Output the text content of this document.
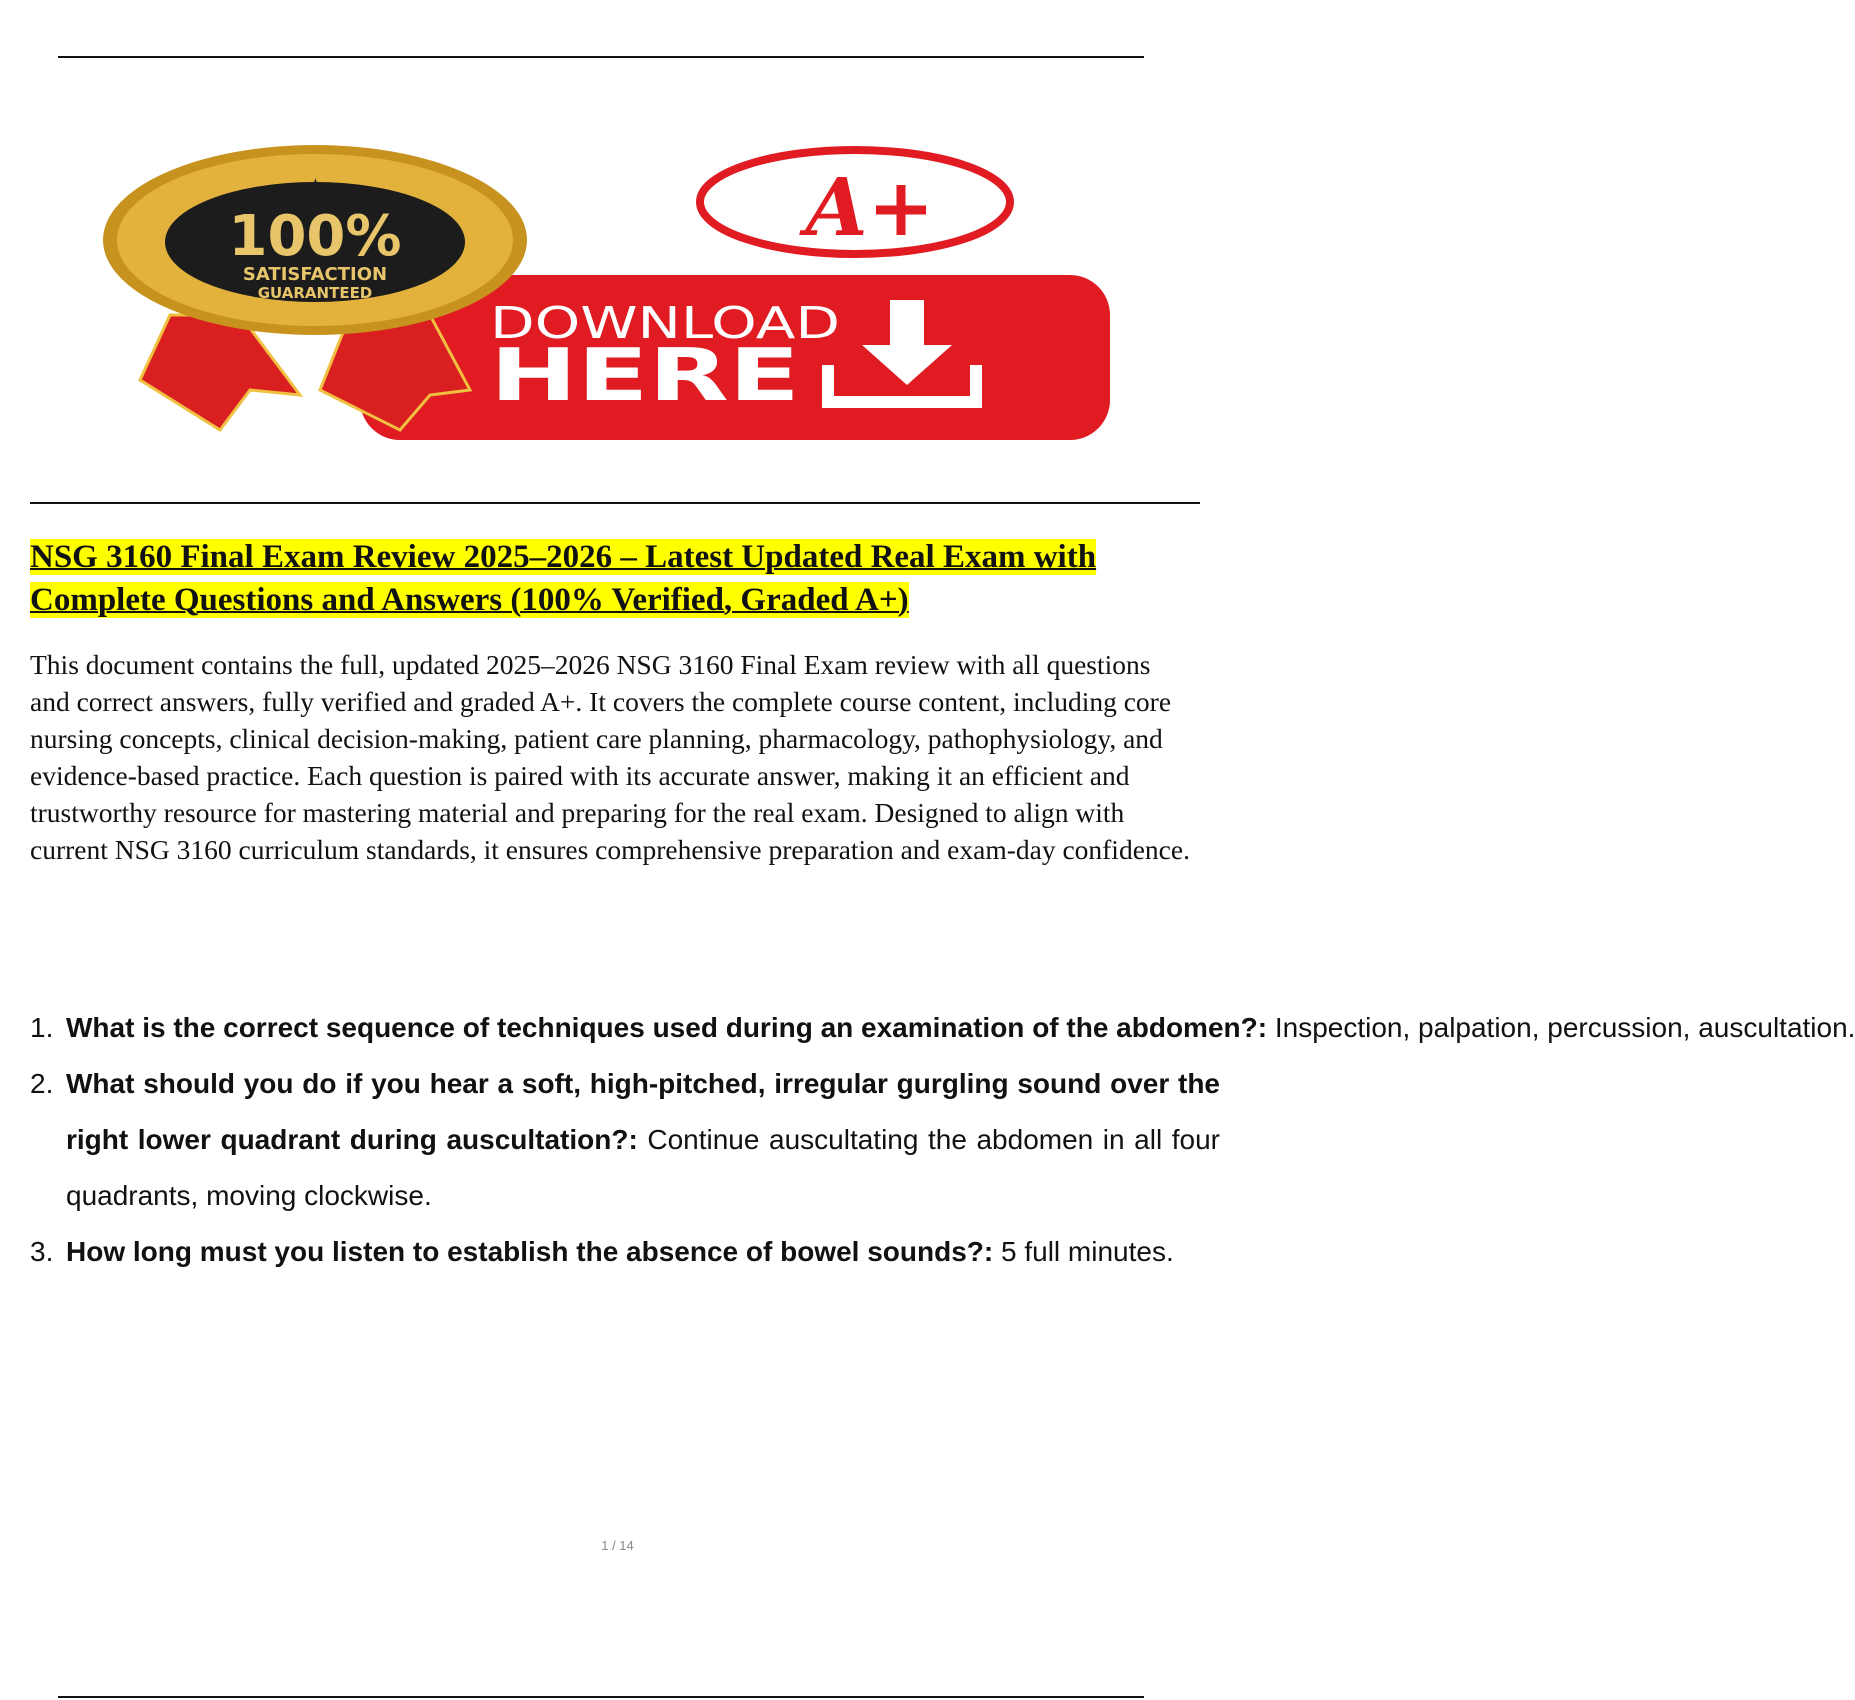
★ ★ ★
100%
SATISFACTION
GUARANTEED
A+
DOWNLOAD
HERE
NSG 3160 Final Exam Review 2025–2026 – Latest Updated Real Exam with
Complete Questions and Answers (100% Verified, Graded A+)

This document contains the full, updated 2025–2026 NSG 3160 Final Exam review with all questions and correct answers, fully verified and graded A+. It covers the complete course content, including core nursing concepts, clinical decision-making, patient care planning, pharmacology, pathophysiology, and evidence-based practice. Each question is paired with its accurate answer, making it an efficient and trustworthy resource for mastering material and preparing for the real exam. Designed to align with current NSG 3160 curriculum standards, it ensures comprehensive preparation and exam-day confidence.

1. What is the correct sequence of techniques used during an examination of the abdomen?: Inspection, palpation, percussion, auscultation.
2. What should you do if you hear a soft, high-pitched, irregular gurgling sound over the right lower quadrant during auscultation?: Continue auscultating the abdomen in all four quadrants, moving clockwise.
3. How long must you listen to establish the absence of bowel sounds?: 5 full minutes.
1 / 14
